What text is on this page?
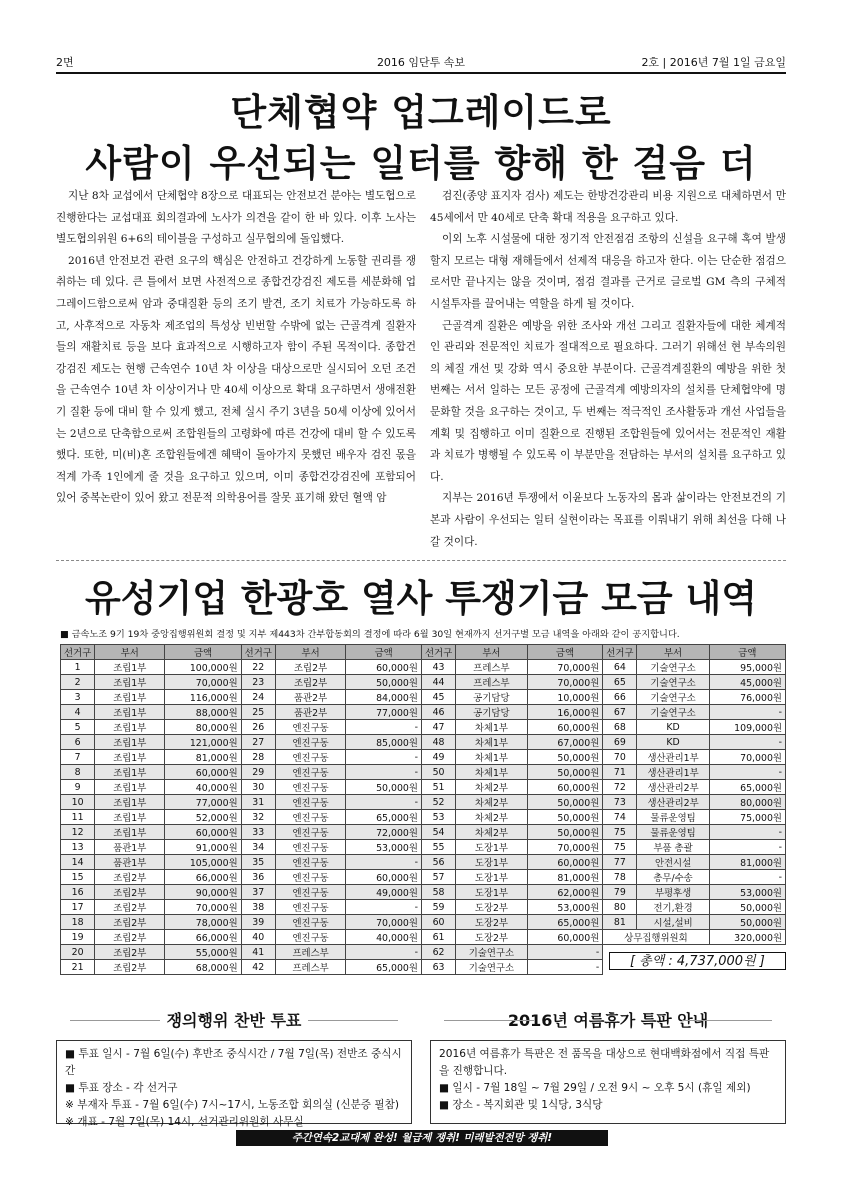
2면	2016 임단투 속보	2호 | 2016년 7월 1일 금요일
단체협약 업그레이드로
사람이 우선되는 일터를 향해 한 걸음 더

지난 8차 교섭에서 단체협약 8장으로 대표되는 안전보건 분야는 별도협으로 진행한다는 교섭대표 회의결과에 노사가 의견을 같이 한 바 있다. 이후 노사는 별도협의위원 6+6의 테이블을 구성하고 실무협의에 돌입했다.

2016년 안전보건 관련 요구의 핵심은 안전하고 건강하게 노동할 권리를 쟁취하는 데 있다. 큰 틀에서 보면 사전적으로 종합건강검진 제도를 세분화해 업그레이드함으로써 암과 중대질환 등의 조기 발견, 조기 치료가 가능하도록 하고, 사후적으로 자동차 제조업의 특성상 빈번할 수밖에 없는 근골격계 질환자들의 재활치료 등을 보다 효과적으로 시행하고자 함이 주된 목적이다. 종합건강검진 제도는 현행 근속연수 10년 차 이상을 대상으로만 실시되어 오던 조건을 근속연수 10년 차 이상이거나 만 40세 이상으로 확대 요구하면서 생애전환기 질환 등에 대비 할 수 있게 했고, 전체 실시 주기 3년을 50세 이상에 있어서는 2년으로 단축함으로써 조합원들의 고령화에 따른 건강에 대비 할 수 있도록 했다. 또한, 미(비)혼 조합원들에겐 혜택이 돌아가지 못했던 배우자 검진 몫을 적계 가족 1인에게 줄 것을 요구하고 있으며, 이미 종합건강검진에 포함되어 있어 중복논란이 있어 왔고 전문적 의학용어를 잘못 표기해 왔던 혈액 암

검진(종양 표지자 검사) 제도는 한방건강관리 비용 지원으로 대체하면서 만 45세에서 만 40세로 단축 확대 적용을 요구하고 있다.

이외 노후 시설물에 대한 정기적 안전점검 조항의 신설을 요구해 혹여 발생할지 모르는 대형 재해들에서 선제적 대응을 하고자 한다. 이는 단순한 점검으로서만 끝나지는 않을 것이며, 점검 결과를 근거로 글로벌 GM 측의 구체적 시설투자를 끌어내는 역할을 하게 될 것이다.

근골격계 질환은 예방을 위한 조사와 개선 그리고 질환자들에 대한 체계적인 관리와 전문적인 치료가 절대적으로 필요하다. 그러기 위해선 현 부속의원의 체질 개선 및 강화 역시 중요한 부분이다. 근골격계질환의 예방을 위한 첫 번째는 서서 일하는 모든 공정에 근골격계 예방의자의 설치를 단체협약에 명문화할 것을 요구하는 것이고, 두 번째는 적극적인 조사활동과 개선 사업들을 계획 및 집행하고 이미 질환으로 진행된 조합원들에 있어서는 전문적인 재활과 치료가 병행될 수 있도록 이 부분만을 전담하는 부서의 설치를 요구하고 있다.

지부는 2016년 투쟁에서 이윤보다 노동자의 몸과 삶이라는 안전보건의 기본과 사람이 우선되는 일터 실현이라는 목표를 이뤄내기 위해 최선을 다해 나갈 것이다.

유성기업 한광호 열사 투쟁기금 모금 내역
■ 금속노조 9기 19차 중앙집행위원회 결정 및 지부 제443차 간부합동회의 결정에 따라 6월 30일 현재까지 선거구별 모금 내역을 아래와 같이 공지합니다.
선거구	부서	금액	선거구	부서	금액	선거구	부서	금액	선거구	부서	금액
1	조립1부	100,000원	22	조립2부	60,000원	43	프레스부	70,000원	64	기술연구소	95,000원
2	조립1부	70,000원	23	조립2부	50,000원	44	프레스부	70,000원	65	기술연구소	45,000원
3	조립1부	116,000원	24	품관2부	84,000원	45	공기담당	10,000원	66	기술연구소	76,000원
4	조립1부	88,000원	25	품관2부	77,000원	46	공기담당	16,000원	67	기술연구소	-
5	조립1부	80,000원	26	엔진구동	-	47	차체1부	60,000원	68	KD	109,000원
6	조립1부	121,000원	27	엔진구동	85,000원	48	차체1부	67,000원	69	KD	-
7	조립1부	81,000원	28	엔진구동	-	49	차체1부	50,000원	70	생산관리1부	70,000원
8	조립1부	60,000원	29	엔진구동	-	50	차체1부	50,000원	71	생산관리1부	-
9	조립1부	40,000원	30	엔진구동	50,000원	51	차체2부	60,000원	72	생산관리2부	65,000원
10	조립1부	77,000원	31	엔진구동	-	52	차체2부	50,000원	73	생산관리2부	80,000원
11	조립1부	52,000원	32	엔진구동	65,000원	53	차체2부	50,000원	74	물류운영팀	75,000원
12	조립1부	60,000원	33	엔진구동	72,000원	54	차체2부	50,000원	75	물류운영팀	-
13	품관1부	91,000원	34	엔진구동	53,000원	55	도장1부	70,000원	75	부품 총괄	-
14	품관1부	105,000원	35	엔진구동	-	56	도장1부	60,000원	77	안전시설	81,000원
15	조립2부	66,000원	36	엔진구동	60,000원	57	도장1부	81,000원	78	총무/수송	-
16	조립2부	90,000원	37	엔진구동	49,000원	58	도장1부	62,000원	79	부평후생	53,000원
17	조립2부	70,000원	38	엔진구동	-	59	도장2부	53,000원	80	전기,환경	50,000원
18	조립2부	78,000원	39	엔진구동	70,000원	60	도장2부	65,000원	81	시설,설비	50,000원
19	조립2부	66,000원	40	엔진구동	40,000원	61	도장2부	60,000원	상무집행위원회		320,000원
20	조립2부	55,000원	41	프레스부	-	62	기술연구소	-	[ 총액 : 4,737,000원 ]		

21	조립2부	68,000원	42	프레스부	65,000원	63	기술연구소	-			
쟁의행위 찬반 투표	2016년 여름휴가 특판 안내
■ 투표 일시 - 7월 6일(수) 후반조 중식시간 / 7월 7일(목) 전반조 중식시간
■ 투표 장소 - 각 선거구
※ 부재자 투표 - 7월 6일(수) 7시~17시, 노동조합 회의실 (신분증 필참)
※ 개표 - 7월 7일(목) 14시, 선거관리위원회 사무실
2016년 여름휴가 특판은 전 품목을 대상으로 현대백화점에서 직접 특판을 진행합니다.
■ 일시 - 7월 18일 ~ 7월 29일 / 오전 9시 ~ 오후 5시 (휴일 제외)
■ 장소 - 복지회관 및 1식당, 3식당
주간연속2교대제 완성! 월급제 쟁취! 미래발전전망 쟁취!
